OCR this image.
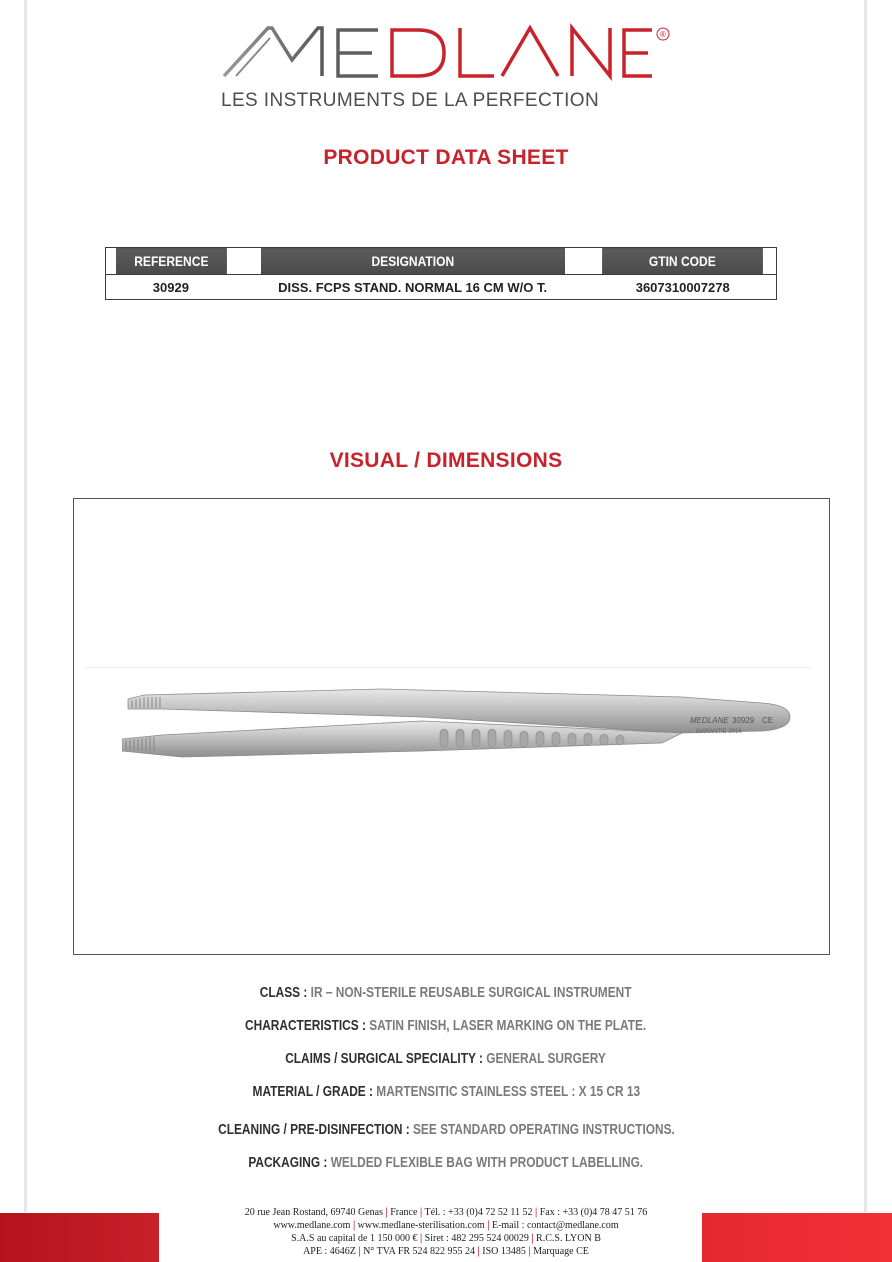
®
LES INSTRUMENTS DE LA PERFECTION
PRODUCT DATA SHEET
REFERENCE	DESIGNATION	GTIN CODE
30929	DISS. FCPS STAND. NORMAL 16 CM W/O T.	3607310007278
VISUAL / DIMENSIONS
MEDLANE 30929 CE
GARANTIE 2016
CLASS : IR – NON-STERILE REUSABLE SURGICAL INSTRUMENT
CHARACTERISTICS : SATIN FINISH, LASER MARKING ON THE PLATE.
CLAIMS / SURGICAL SPECIALITY : GENERAL SURGERY
MATERIAL / GRADE : MARTENSITIC STAINLESS STEEL : X 15 CR 13
CLEANING / PRE-DISINFECTION : SEE STANDARD OPERATING INSTRUCTIONS.
PACKAGING : WELDED FLEXIBLE BAG WITH PRODUCT LABELLING.
20 rue Jean Rostand, 69740 Genas | France | Tél. : +33 (0)4 72 52 11 52 | Fax : +33 (0)4 78 47 51 76
www.medlane.com | www.medlane-sterilisation.com | E-mail : contact@medlane.com
S.A.S au capital de 1 150 000 € | Siret : 482 295 524 00029 | R.C.S. LYON B
APE : 4646Z | N° TVA FR 524 822 955 24 | ISO 13485 | Marquage CE
